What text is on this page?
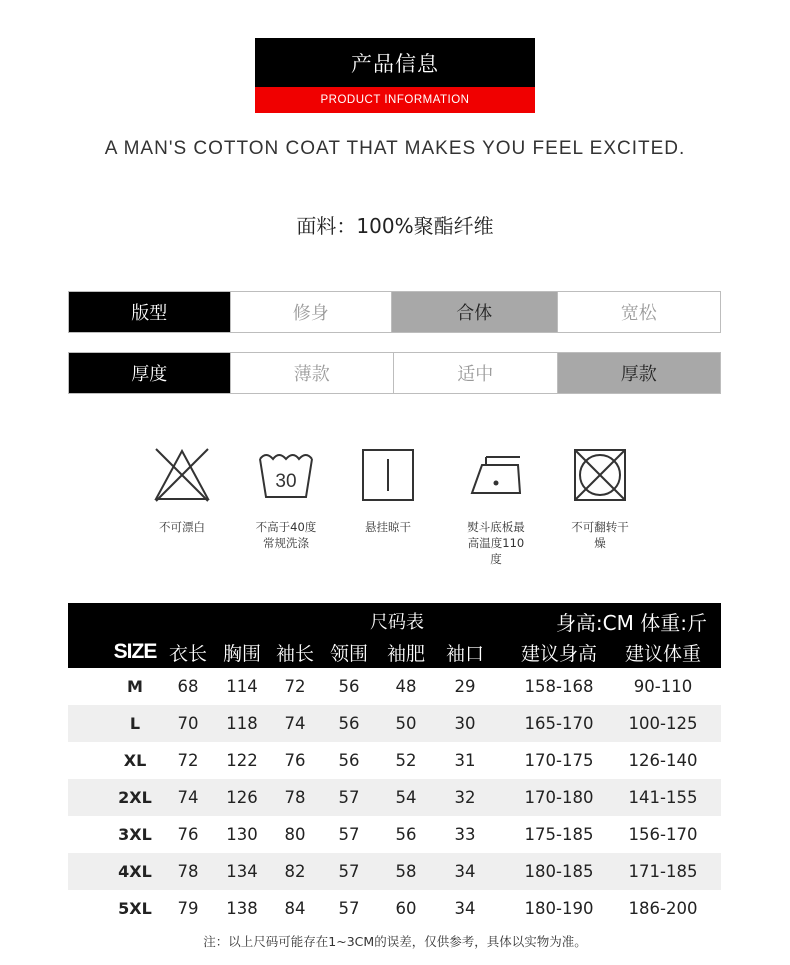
产品信息
PRODUCT INFORMATION
A MAN'S COTTON COAT THAT MAKES YOU FEEL EXCITED.
面料：100%聚酯纤维
版型	修身	合体	宽松
厚度	薄款	适中	厚款
不可漂白
30
不高于40度常规洗涤
悬挂晾干	熨斗底板最高温度110度
不可翻转干燥
尺码表	身高:CM 体重:斤
SIZE 衣长 胸围 袖长 领围 袖肥 袖口 建议身高 建议体重
M 68 114 72 56 48 29	158-168 90-110
L 70 118 74 56 50 30	165-170 100-125
XL 72 122 76 56 52 31	170-175 126-140
2XL 74 126 78 57 54 32	170-180 141-155
3XL 76 130 80 57 56 33	175-185 156-170
4XL 78 134 82 57 58 34	180-185 171-185
5XL 79 138 84 57 60 34	180-190 186-200
注：以上尺码可能存在1~3CM的误差，仅供参考，具体以实物为准。
